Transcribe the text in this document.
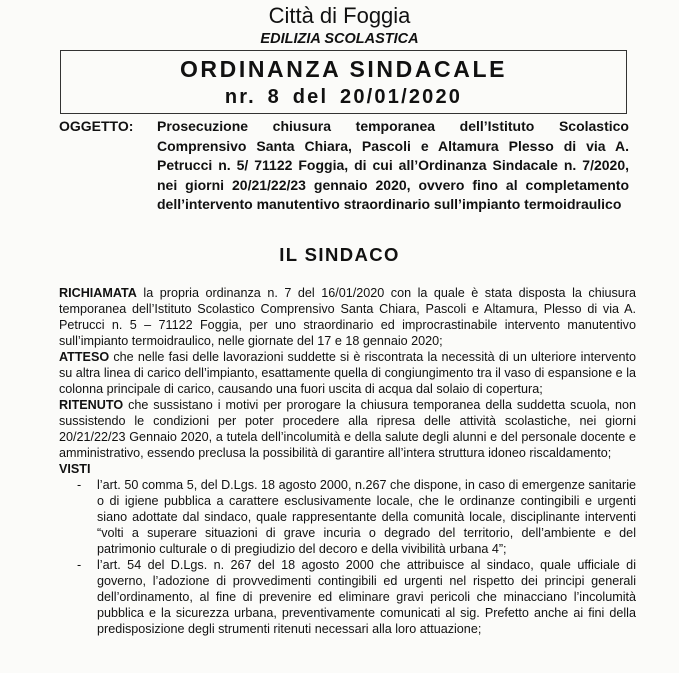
Città di Foggia
EDILIZIA SCOLASTICA
ORDINANZA SINDACALE
nr. 8 del 20/01/2020
OGGETTO: Prosecuzione chiusura temporanea dell’Istituto Scolastico Comprensivo Santa Chiara, Pascoli e Altamura Plesso di via A. Petrucci n. 5/ 71122 Foggia, di cui all’Ordinanza Sindacale n. 7/2020, nei giorni 20/21/22/23 gennaio 2020, ovvero fino al completamento dell’intervento manutentivo straordinario sull’impianto termoidraulico
IL SINDACO

RICHIAMATA la propria ordinanza n. 7 del 16/01/2020 con la quale è stata disposta la chiusura temporanea dell’Istituto Scolastico Comprensivo Santa Chiara, Pascoli e Altamura, Plesso di via A. Petrucci n. 5 – 71122 Foggia, per uno straordinario ed improcrastinabile intervento manutentivo sull’impianto termoidraulico, nelle giornate del 17 e 18 gennaio 2020;

ATTESO che nelle fasi delle lavorazioni suddette si è riscontrata la necessità di un ulteriore intervento su altra linea di carico dell’impianto, esattamente quella di congiungimento tra il vaso di espansione e la colonna principale di carico, causando una fuori uscita di acqua dal solaio di copertura;

RITENUTO che sussistano i motivi per prorogare la chiusura temporanea della suddetta scuola, non sussistendo le condizioni per poter procedere alla ripresa delle attività scolastiche, nei giorni 20/21/22/23 Gennaio 2020, a tutela dell’incolumità e della salute degli alunni e del personale docente e amministrativo, essendo preclusa la possibilità di garantire all’intera struttura idoneo riscaldamento;

VISTI

- l’art. 50 comma 5, del D.Lgs. 18 agosto 2000, n.267 che dispone, in caso di emergenze sanitarie o di igiene pubblica a carattere esclusivamente locale, che le ordinanze contingibili e urgenti siano adottate dal sindaco, quale rappresentante della comunità locale, disciplinante interventi “volti a superare situazioni di grave incuria o degrado del territorio, dell’ambiente e del patrimonio culturale o di pregiudizio del decoro e della vivibilità urbana 4”;
- l’art. 54 del D.Lgs. n. 267 del 18 agosto 2000 che attribuisce al sindaco, quale ufficiale di governo, l’adozione di provvedimenti contingibili ed urgenti nel rispetto dei principi generali dell’ordinamento, al fine di prevenire ed eliminare gravi pericoli che minacciano l’incolumità pubblica e la sicurezza urbana, preventivamente comunicati al sig. Prefetto anche ai fini della predisposizione degli strumenti ritenuti necessari alla loro attuazione;
